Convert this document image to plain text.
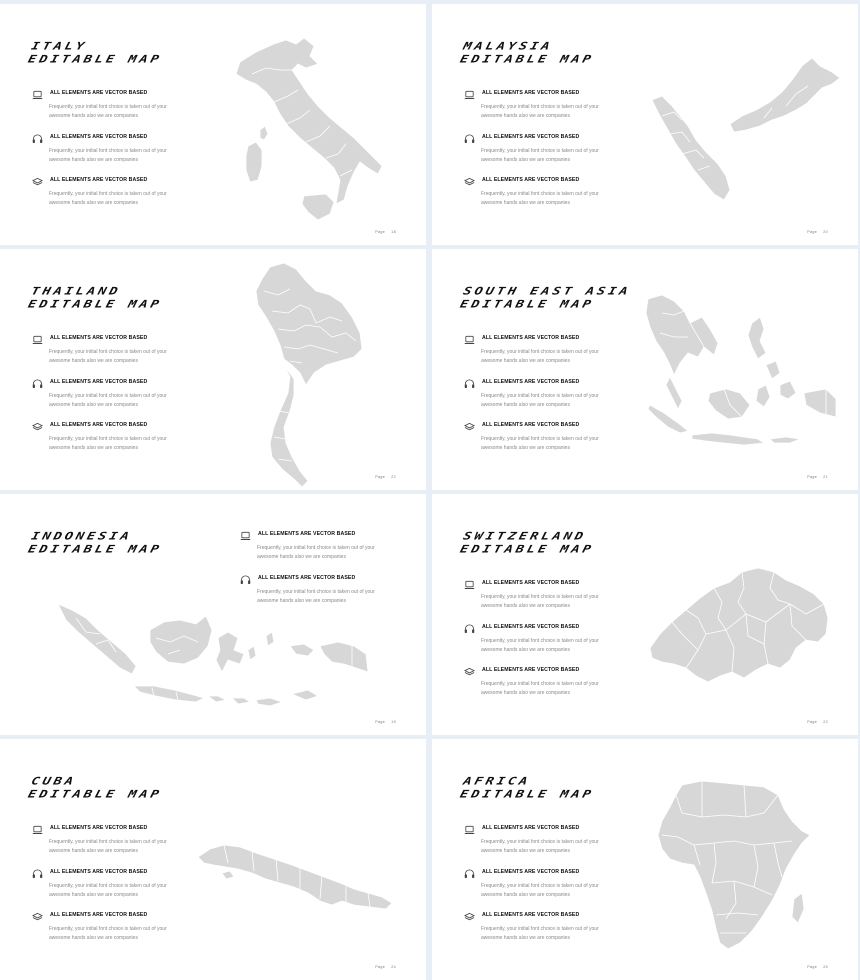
ITALY
EDITABLE MAP
ALL ELEMENTS ARE VECTOR BASED
Frequently, your initial font choice is taken out of your awesome hands also we are companies
ALL ELEMENTS ARE VECTOR BASED
Frequently, your initial font choice is taken out of your awesome hands also we are companies
ALL ELEMENTS ARE VECTOR BASED
Frequently, your initial font choice is taken out of your awesome hands also we are companies
Page 18
MALAYSIA
EDITABLE MAP
ALL ELEMENTS ARE VECTOR BASED
Frequently, your initial font choice is taken out of your awesome hands also we are companies
ALL ELEMENTS ARE VECTOR BASED
Frequently, your initial font choice is taken out of your awesome hands also we are companies
ALL ELEMENTS ARE VECTOR BASED
Frequently, your initial font choice is taken out of your awesome hands also we are companies
Page 20
THAILAND
EDITABLE MAP
ALL ELEMENTS ARE VECTOR BASED
Frequently, your initial font choice is taken out of your awesome hands also we are companies
ALL ELEMENTS ARE VECTOR BASED
Frequently, your initial font choice is taken out of your awesome hands also we are companies
ALL ELEMENTS ARE VECTOR BASED
Frequently, your initial font choice is taken out of your awesome hands also we are companies
Page 22
SOUTH EAST ASIA
EDITABLE MAP
ALL ELEMENTS ARE VECTOR BASED
Frequently, your initial font choice is taken out of your awesome hands also we are companies
ALL ELEMENTS ARE VECTOR BASED
Frequently, your initial font choice is taken out of your awesome hands also we are companies
ALL ELEMENTS ARE VECTOR BASED
Frequently, your initial font choice is taken out of your awesome hands also we are companies
Page 21
INDONESIA
EDITABLE MAP
ALL ELEMENTS ARE VECTOR BASED
Frequently, your initial font choice is taken out of your awesome hands also we are companies
ALL ELEMENTS ARE VECTOR BASED
Frequently, your initial font choice is taken out of your awesome hands also we are companies
Page 19
SWITZERLAND
EDITABLE MAP
ALL ELEMENTS ARE VECTOR BASED
Frequently, your initial font choice is taken out of your awesome hands also we are companies
ALL ELEMENTS ARE VECTOR BASED
Frequently, your initial font choice is taken out of your awesome hands also we are companies
ALL ELEMENTS ARE VECTOR BASED
Frequently, your initial font choice is taken out of your awesome hands also we are companies
Page 23
CUBA
EDITABLE MAP
ALL ELEMENTS ARE VECTOR BASED
Frequently, your initial font choice is taken out of your awesome hands also we are companies
ALL ELEMENTS ARE VECTOR BASED
Frequently, your initial font choice is taken out of your awesome hands also we are companies
ALL ELEMENTS ARE VECTOR BASED
Frequently, your initial font choice is taken out of your awesome hands also we are companies
Page 24
AFRICA
EDITABLE MAP
ALL ELEMENTS ARE VECTOR BASED
Frequently, your initial font choice is taken out of your awesome hands also we are companies
ALL ELEMENTS ARE VECTOR BASED
Frequently, your initial font choice is taken out of your awesome hands also we are companies
ALL ELEMENTS ARE VECTOR BASED
Frequently, your initial font choice is taken out of your awesome hands also we are companies
Page 25
